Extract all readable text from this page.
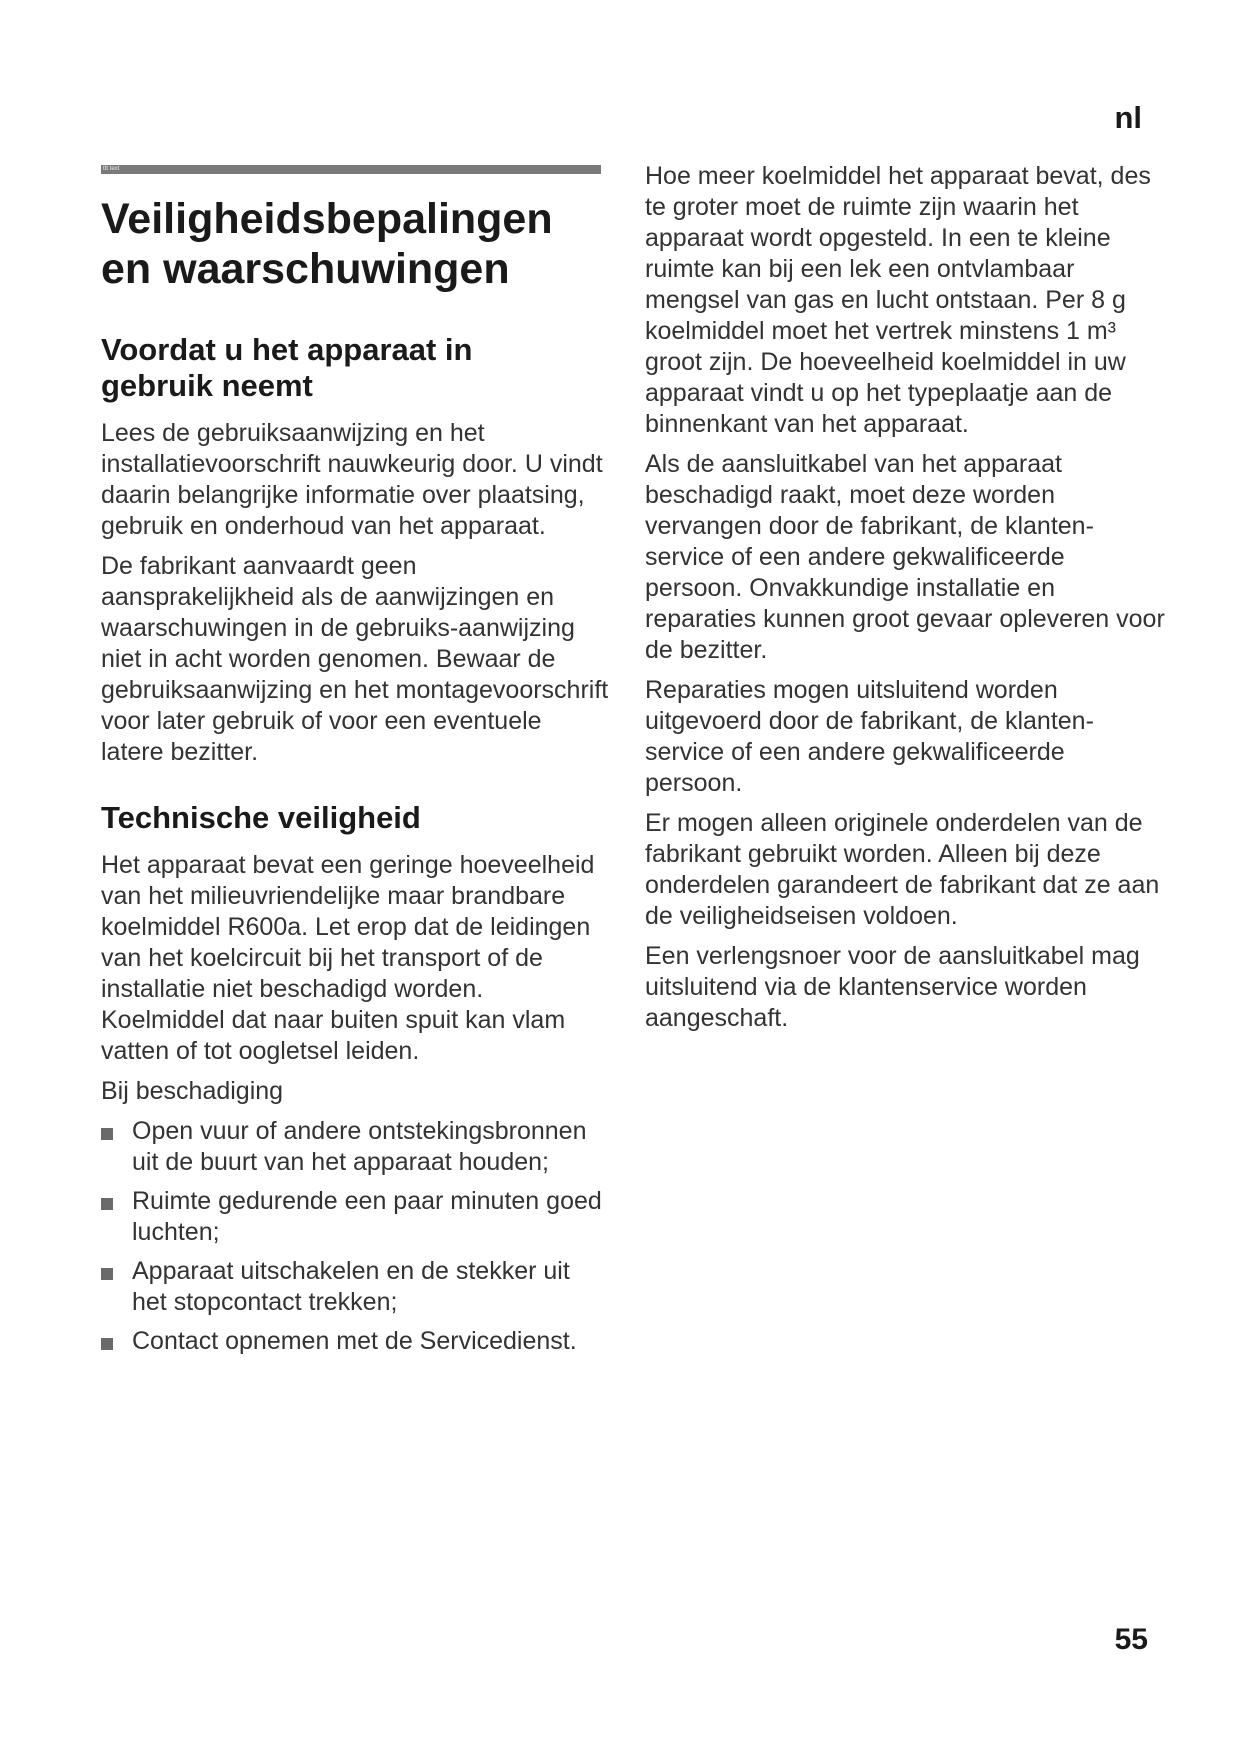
nl
ttt text
Veiligheidsbepalingen
en waarschuwingen
Voordat u het apparaat in
gebruik neemt

Lees de gebruiksaanwijzing en het installatievoorschrift nauwkeurig door. U vindt daarin belangrijke informatie over plaatsing, gebruik en onderhoud van het apparaat.

De fabrikant aanvaardt geen aansprakelijkheid als de aanwijzingen en waarschuwingen in de gebruiks-aanwijzing niet in acht worden genomen. Bewaar de gebruiksaanwijzing en het montagevoorschrift voor later gebruik of voor een eventuele latere bezitter.

Technische veiligheid

Het apparaat bevat een geringe hoeveelheid van het milieuvriendelijke maar brandbare koelmiddel R600a. Let erop dat de leidingen van het koelcircuit bij het transport of de installatie niet beschadigd worden. Koelmiddel dat naar buiten spuit kan vlam vatten of tot oogletsel leiden.

Bij beschadiging

Open vuur of andere ontstekingsbronnen uit de buurt van het apparaat houden;
Ruimte gedurende een paar minuten goed luchten;
Apparaat uitschakelen en de stekker uit het stopcontact trekken;
Contact opnemen met de Servicedienst.

Hoe meer koelmiddel het apparaat bevat, des te groter moet de ruimte zijn waarin het apparaat wordt opgesteld. In een te kleine ruimte kan bij een lek een ontvlambaar mengsel van gas en lucht ontstaan. Per 8 g koelmiddel moet het vertrek minstens 1 m³ groot zijn. De hoeveelheid koelmiddel in uw apparaat vindt u op het typeplaatje aan de binnenkant van het apparaat.

Als de aansluitkabel van het apparaat beschadigd raakt, moet deze worden vervangen door de fabrikant, de klanten-service of een andere gekwalificeerde persoon. Onvakkundige installatie en reparaties kunnen groot gevaar opleveren voor de bezitter.

Reparaties mogen uitsluitend worden uitgevoerd door de fabrikant, de klanten-service of een andere gekwalificeerde persoon.

Er mogen alleen originele onderdelen van de fabrikant gebruikt worden. Alleen bij deze onderdelen garandeert de fabrikant dat ze aan de veiligheidseisen voldoen.

Een verlengsnoer voor de aansluitkabel mag uitsluitend via de klantenservice worden aangeschaft.

55
